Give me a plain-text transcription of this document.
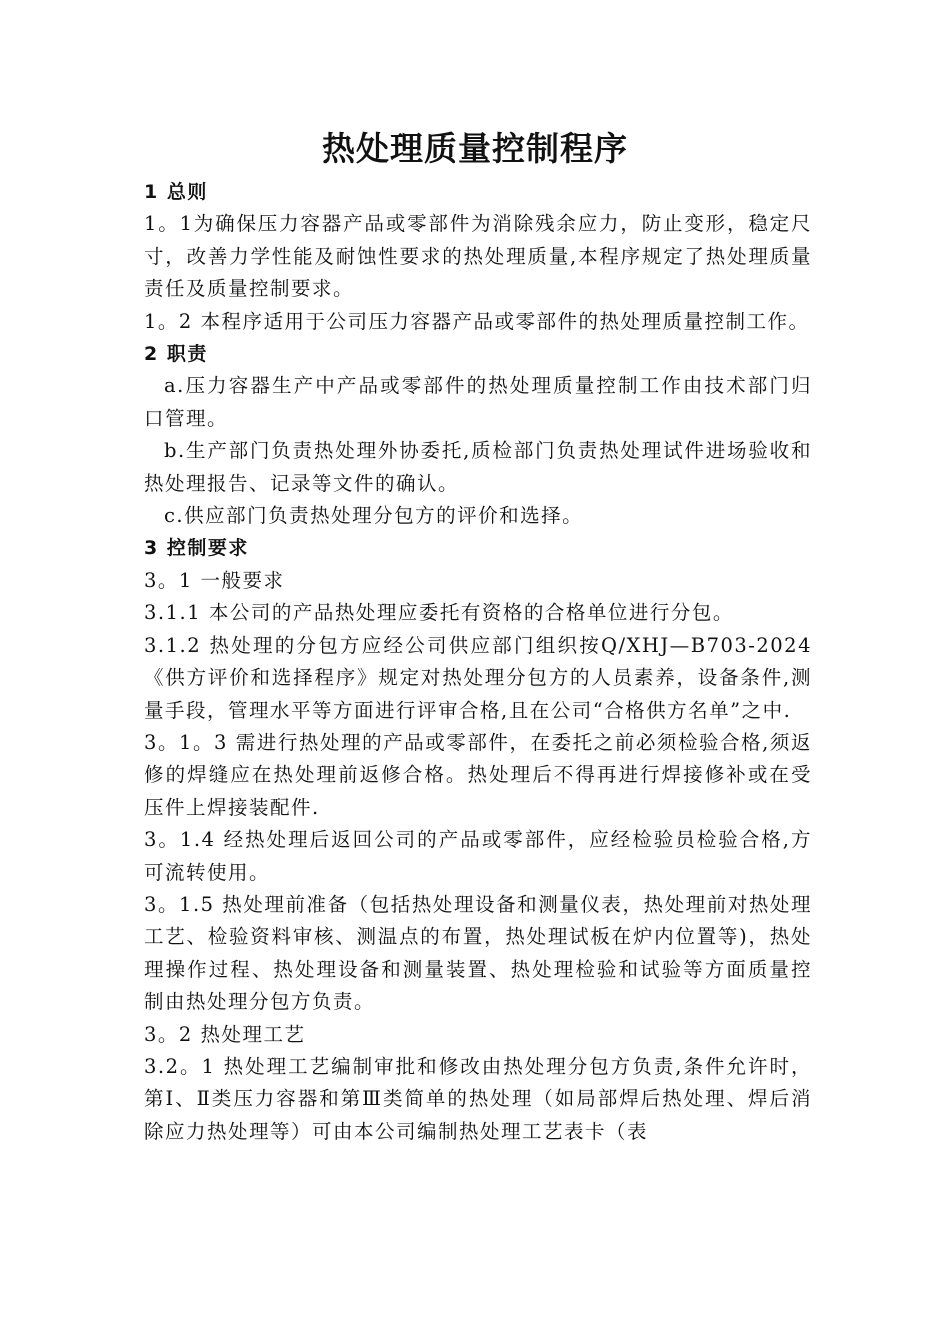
热处理质量控制程序

1 总则

1。1为确保压力容器产品或零部件为消除残余应力，防止变形，稳定尺寸，改善力学性能及耐蚀性要求的热处理质量,本程序规定了热处理质量责任及质量控制要求。

1。2 本程序适用于公司压力容器产品或零部件的热处理质量控制工作。

2 职责

a.压力容器生产中产品或零部件的热处理质量控制工作由技术部门归口管理。

b.生产部门负责热处理外协委托,质检部门负责热处理试件进场验收和热处理报告、记录等文件的确认。

c.供应部门负责热处理分包方的评价和选择。

3 控制要求

3。1 一般要求

3.1.1 本公司的产品热处理应委托有资格的合格单位进行分包。

3.1.2 热处理的分包方应经公司供应部门组织按Q/XHJ—B703-2024《供方评价和选择程序》规定对热处理分包方的人员素养，设备条件,测量手段，管理水平等方面进行评审合格,且在公司“合格供方名单”之中.

3。1。3 需进行热处理的产品或零部件，在委托之前必须检验合格,须返修的焊缝应在热处理前返修合格。热处理后不得再进行焊接修补或在受压件上焊接装配件.

3。1.4 经热处理后返回公司的产品或零部件，应经检验员检验合格,方可流转使用。

3。1.5 热处理前准备（包括热处理设备和测量仪表，热处理前对热处理工艺、检验资料审核、测温点的布置，热处理试板在炉内位置等)，热处理操作过程、热处理设备和测量装置、热处理检验和试验等方面质量控制由热处理分包方负责。

3。2 热处理工艺

3.2。1 热处理工艺编制审批和修改由热处理分包方负责,条件允许时，第Ⅰ、Ⅱ类压力容器和第Ⅲ类简单的热处理（如局部焊后热处理、焊后消除应力热处理等）可由本公司编制热处理工艺表卡（表
